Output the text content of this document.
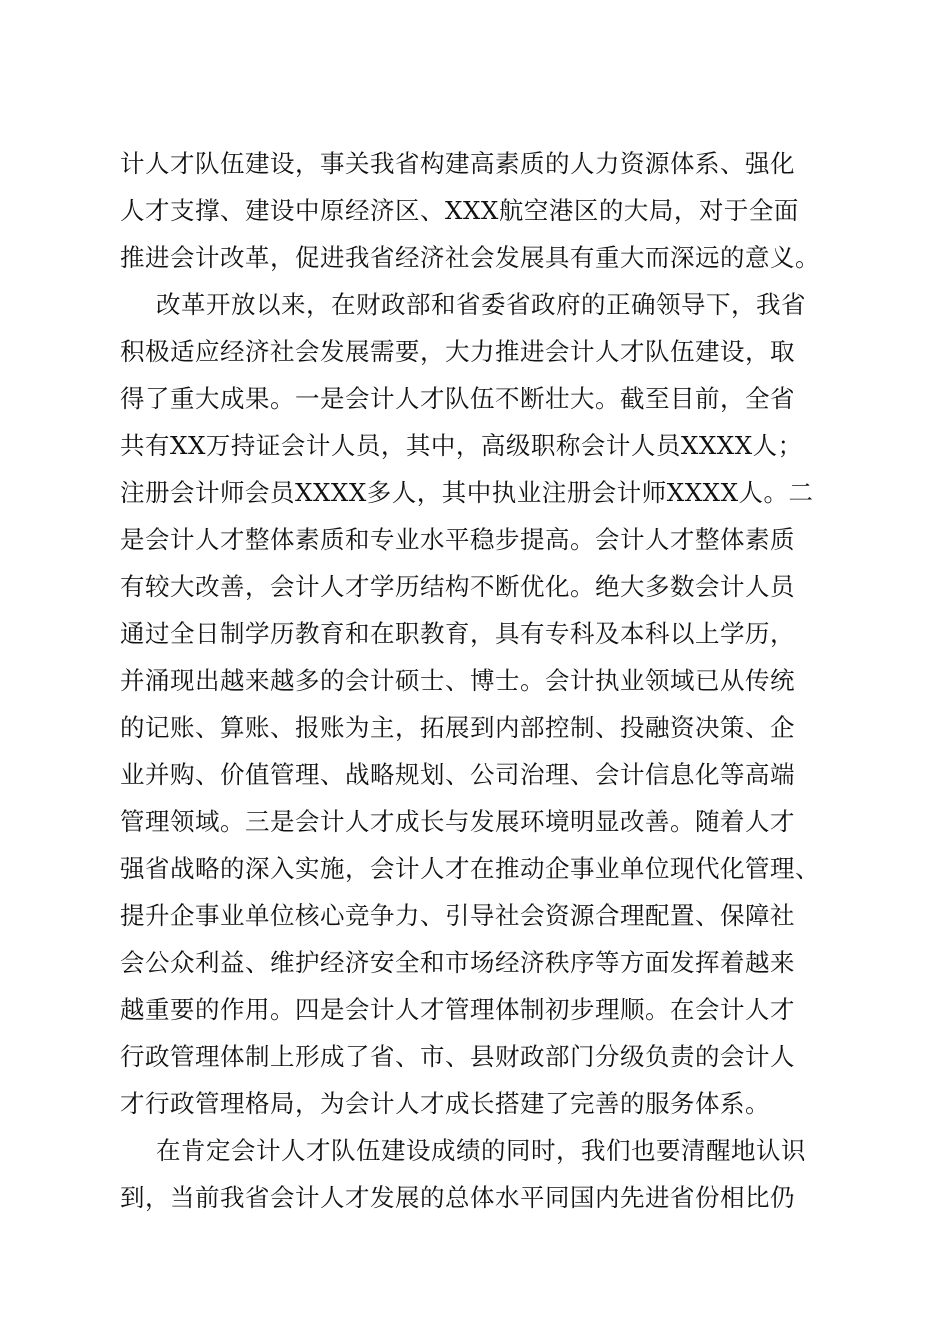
计人才队伍建设，事关我省构建高素质的人力资源体系、强化
人才支撑、建设中原经济区、XXX航空港区的大局，对于全面
推进会计改革，促进我省经济社会发展具有重大而深远的意义。
改革开放以来，在财政部和省委省政府的正确领导下，我省
积极适应经济社会发展需要，大力推进会计人才队伍建设，取
得了重大成果。一是会计人才队伍不断壮大。截至目前，全省
共有XX万持证会计人员，其中，高级职称会计人员XXXX人；
注册会计师会员XXXX多人，其中执业注册会计师XXXX人。二
是会计人才整体素质和专业水平稳步提高。会计人才整体素质
有较大改善，会计人才学历结构不断优化。绝大多数会计人员
通过全日制学历教育和在职教育，具有专科及本科以上学历，
并涌现出越来越多的会计硕士、博士。会计执业领域已从传统
的记账、算账、报账为主，拓展到内部控制、投融资决策、企
业并购、价值管理、战略规划、公司治理、会计信息化等高端
管理领域。三是会计人才成长与发展环境明显改善。随着人才
强省战略的深入实施，会计人才在推动企事业单位现代化管理、
提升企事业单位核心竞争力、引导社会资源合理配置、保障社
会公众利益、维护经济安全和市场经济秩序等方面发挥着越来
越重要的作用。四是会计人才管理体制初步理顺。在会计人才
行政管理体制上形成了省、市、县财政部门分级负责的会计人
才行政管理格局，为会计人才成长搭建了完善的服务体系。
在肯定会计人才队伍建设成绩的同时，我们也要清醒地认识
到，当前我省会计人才发展的总体水平同国内先进省份相比仍
